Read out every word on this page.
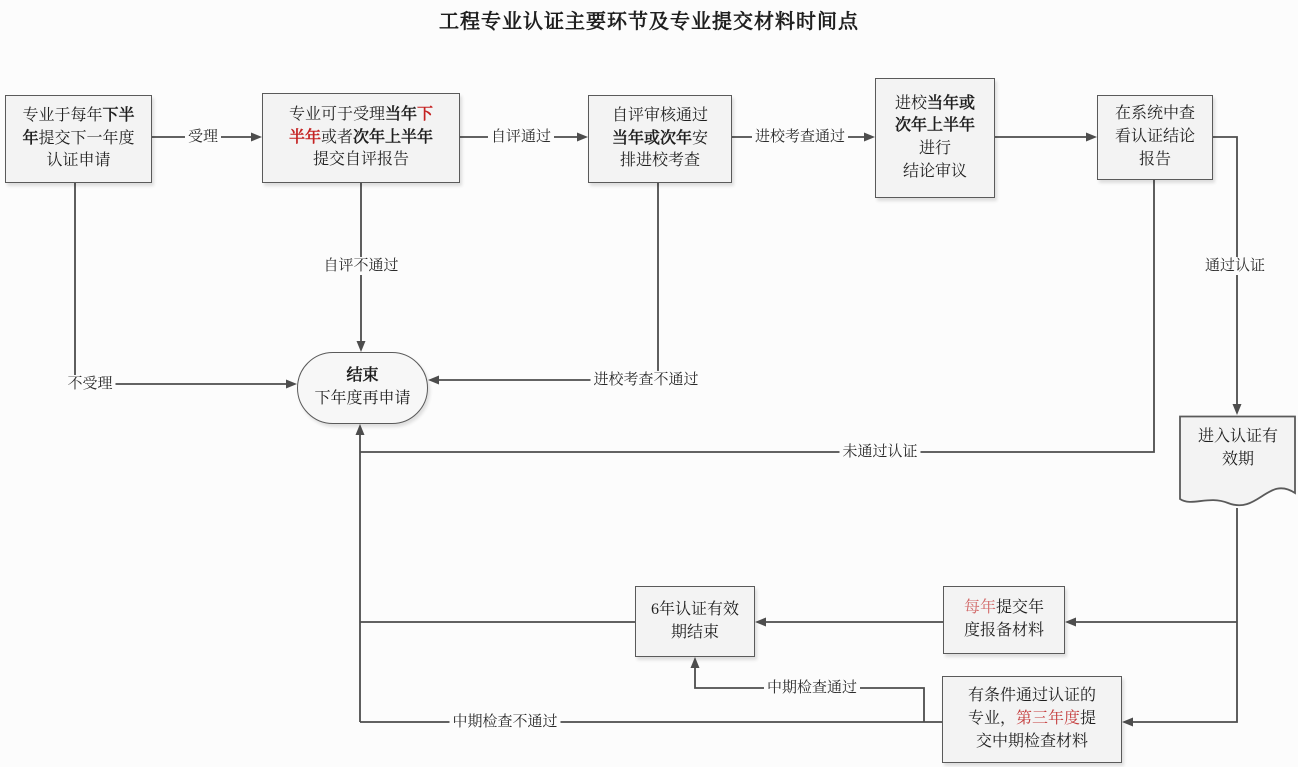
工程专业认证主要环节及专业提交材料时间点
专业于每年下半
年提交下一年度
认证申请
专业可于受理当年下
半年或者次年上半年
提交自评报告
自评审核通过
当年或次年安
排进校考查
进校当年或
次年上半年
进行
结论审议
在系统中查
看认证结论
报告
结束
下年度再申请
进入认证有
效期
6年认证有效
期结束
每年提交年
度报备材料
有条件通过认证的
专业，第三年度提
交中期检查材料
受理	自评通过	进校考查通过
自评不通过
不受理	进校考查不通过
未通过认证
通过认证
中期检查通过
中期检查不通过
